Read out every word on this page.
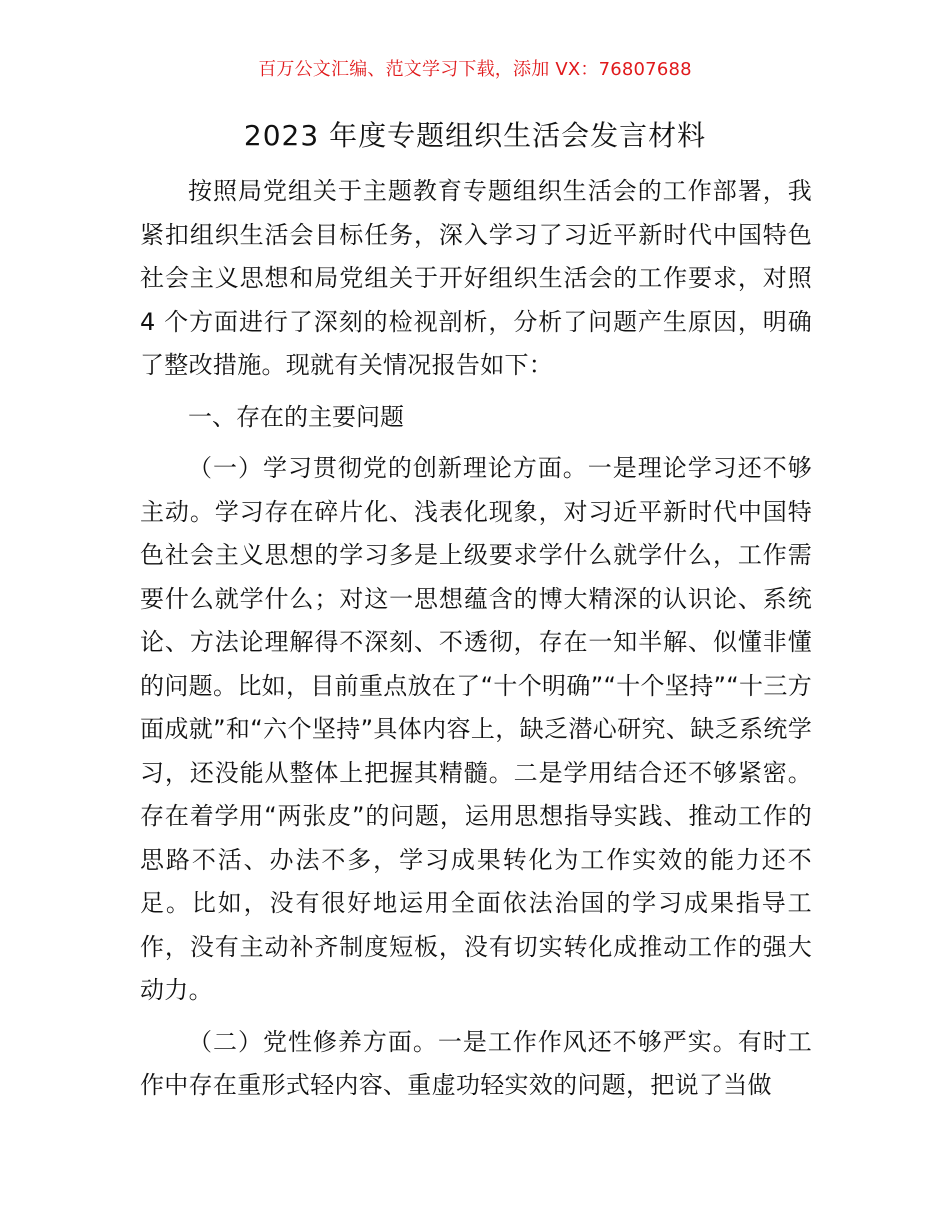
百万公文汇编、范文学习下载，添加 VX：76807688
2023 年度专题组织生活会发言材料

按照局党组关于主题教育专题组织生活会的工作部署，我紧扣组织生活会目标任务，深入学习了习近平新时代中国特色社会主义思想和局党组关于开好组织生活会的工作要求，对照 4 个方面进行了深刻的检视剖析，分析了问题产生原因，明确了整改措施。现就有关情况报告如下：

一、存在的主要问题

（一）学习贯彻党的创新理论方面。一是理论学习还不够主动。学习存在碎片化、浅表化现象，对习近平新时代中国特色社会主义思想的学习多是上级要求学什么就学什么，工作需要什么就学什么；对这一思想蕴含的博大精深的认识论、系统论、方法论理解得不深刻、不透彻，存在一知半解、似懂非懂的问题。比如，目前重点放在了“十个明确”“十个坚持”“十三方面成就”和“六个坚持”具体内容上，缺乏潜心研究、缺乏系统学习，还没能从整体上把握其精髓。二是学用结合还不够紧密。存在着学用“两张皮”的问题，运用思想指导实践、推动工作的思路不活、办法不多，学习成果转化为工作实效的能力还不足。比如，没有很好地运用全面依法治国的学习成果指导工作，没有主动补齐制度短板，没有切实转化成推动工作的强大动力。

（二）党性修养方面。一是工作作风还不够严实。有时工作中存在重形式轻内容、重虚功轻实效的问题，把说了当做
